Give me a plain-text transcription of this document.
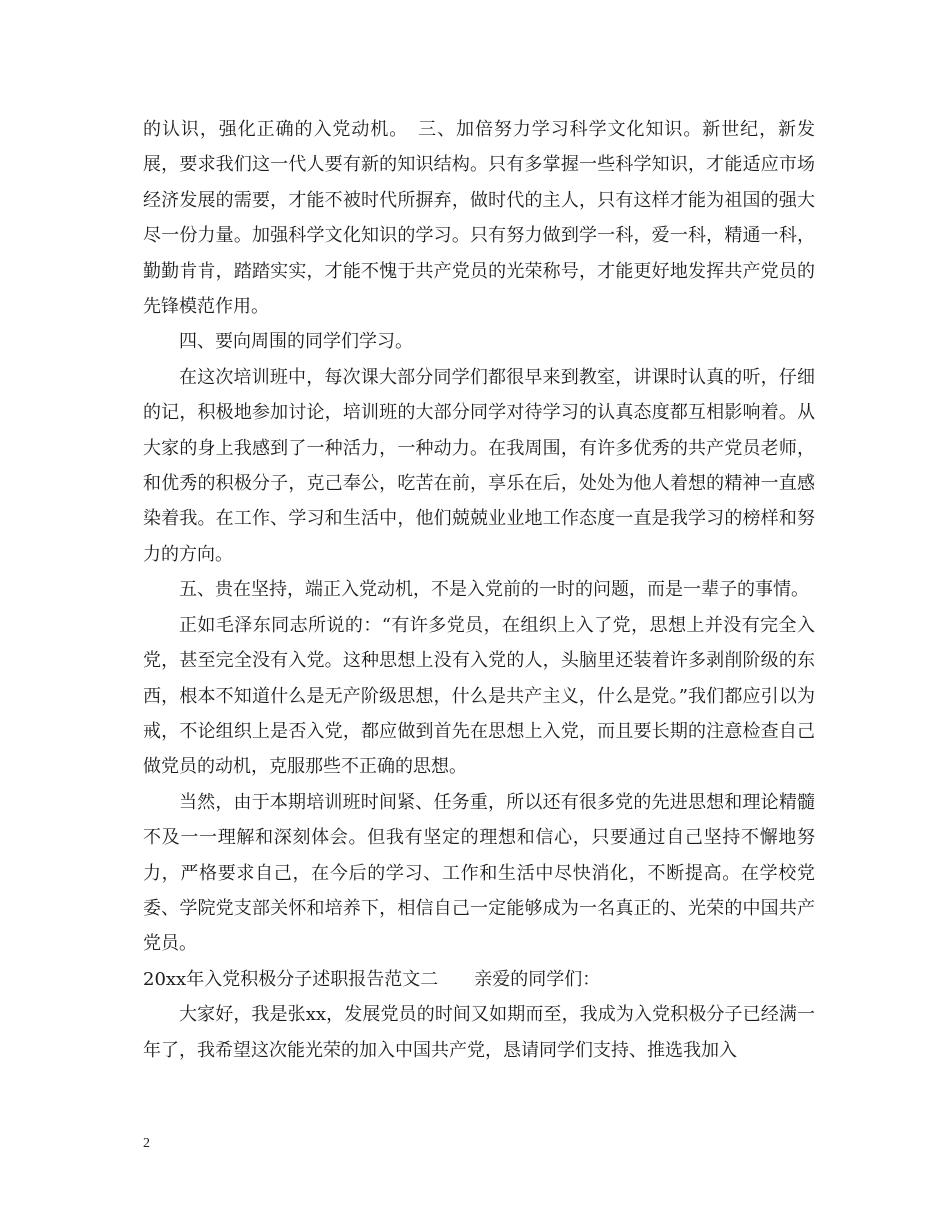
的认识，强化正确的入党动机。　三、加倍努力学习科学文化知识。新世纪，新发展，要求我们这一代人要有新的知识结构。只有多掌握一些科学知识，才能适应市场经济发展的需要，才能不被时代所摒弃，做时代的主人，只有这样才能为祖国的强大尽一份力量。加强科学文化知识的学习。只有努力做到学一科，爱一科，精通一科，勤勤肯肯，踏踏实实，才能不愧于共产党员的光荣称号，才能更好地发挥共产党员的先锋模范作用。

四、要向周围的同学们学习。

在这次培训班中，每次课大部分同学们都很早来到教室，讲课时认真的听，仔细的记，积极地参加讨论，培训班的大部分同学对待学习的认真态度都互相影响着。从大家的身上我感到了一种活力，一种动力。在我周围，有许多优秀的共产党员老师，和优秀的积极分子，克己奉公，吃苦在前，享乐在后，处处为他人着想的精神一直感染着我。在工作、学习和生活中，他们兢兢业业地工作态度一直是我学习的榜样和努力的方向。

五、贵在坚持，端正入党动机，不是入党前的一时的问题，而是一辈子的事情。

正如毛泽东同志所说的：“有许多党员，在组织上入了党，思想上并没有完全入党，甚至完全没有入党。这种思想上没有入党的人，头脑里还装着许多剥削阶级的东西，根本不知道什么是无产阶级思想，什么是共产主义，什么是党。”我们都应引以为戒，不论组织上是否入党，都应做到首先在思想上入党，而且要长期的注意检查自己做党员的动机，克服那些不正确的思想。

当然，由于本期培训班时间紧、任务重，所以还有很多党的先进思想和理论精髓不及一一理解和深刻体会。但我有坚定的理想和信心，只要通过自己坚持不懈地努力，严格要求自己，在今后的学习、工作和生活中尽快消化，不断提高。在学校党委、学院党支部关怀和培养下，相信自己一定能够成为一名真正的、光荣的中国共产党员。

20xx年入党积极分子述职报告范文二　　亲爱的同学们：

大家好，我是张xx，发展党员的时间又如期而至，我成为入党积极分子已经满一年了，我希望这次能光荣的加入中国共产党，恳请同学们支持、推选我加入

2
